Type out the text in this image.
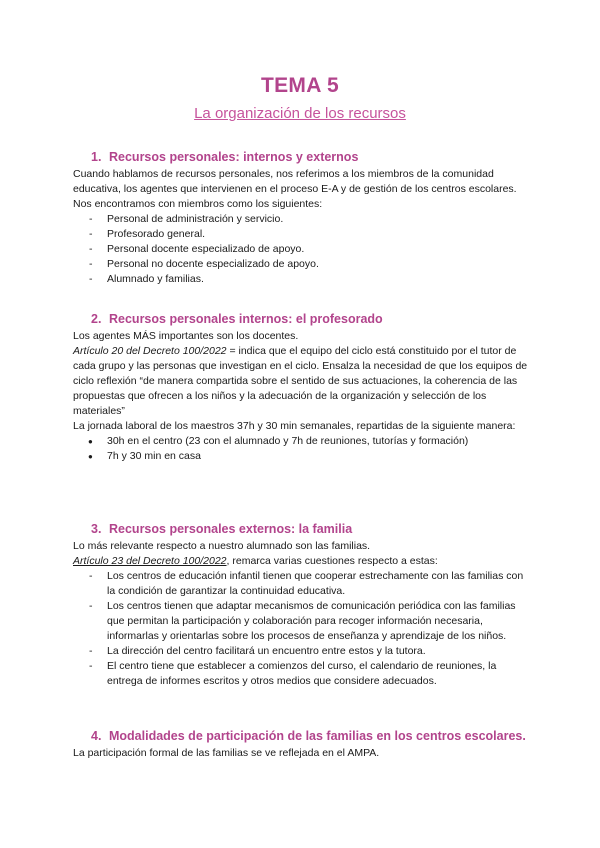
TEMA 5
La organización de los recursos
1. Recursos personales: internos y externos

Cuando hablamos de recursos personales, nos referimos a los miembros de la comunidad educativa, los agentes que intervienen en el proceso E-A y de gestión de los centros escolares. Nos encontramos con miembros como los siguientes:

- Personal de administración y servicio.
- Profesorado general.
- Personal docente especializado de apoyo.
- Personal no docente especializado de apoyo.
- Alumnado y familias.
2. Recursos personales internos: el profesorado

Los agentes MÁS importantes son los docentes.

Artículo 20 del Decreto 100/2022 = indica que el equipo del ciclo está constituido por el tutor de cada grupo y las personas que investigan en el ciclo. Ensalza la necesidad de que los equipos de ciclo reflexión “de manera compartida sobre el sentido de sus actuaciones, la coherencia de las propuestas que ofrecen a los niños y la adecuación de la organización y selección de los materiales”

La jornada laboral de los maestros 37h y 30 min semanales, repartidas de la siguiente manera:

● 30h en el centro (23 con el alumnado y 7h de reuniones, tutorías y formación)
● 7h y 30 min en casa
3. Recursos personales externos: la familia

Lo más relevante respecto a nuestro alumnado son las familias.

Artículo 23 del Decreto 100/2022, remarca varias cuestiones respecto a estas:

- Los centros de educación infantil tienen que cooperar estrechamente con las familias con la condición de garantizar la continuidad educativa.
- Los centros tienen que adaptar mecanismos de comunicación periódica con las familias que permitan la participación y colaboración para recoger información necesaria, informarlas y orientarlas sobre los procesos de enseñanza y aprendizaje de los niños.
- La dirección del centro facilitará un encuentro entre estos y la tutora.
- El centro tiene que establecer a comienzos del curso, el calendario de reuniones, la entrega de informes escritos y otros medios que considere adecuados.
4. Modalidades de participación de las familias en los centros escolares.

La participación formal de las familias se ve reflejada en el AMPA.
